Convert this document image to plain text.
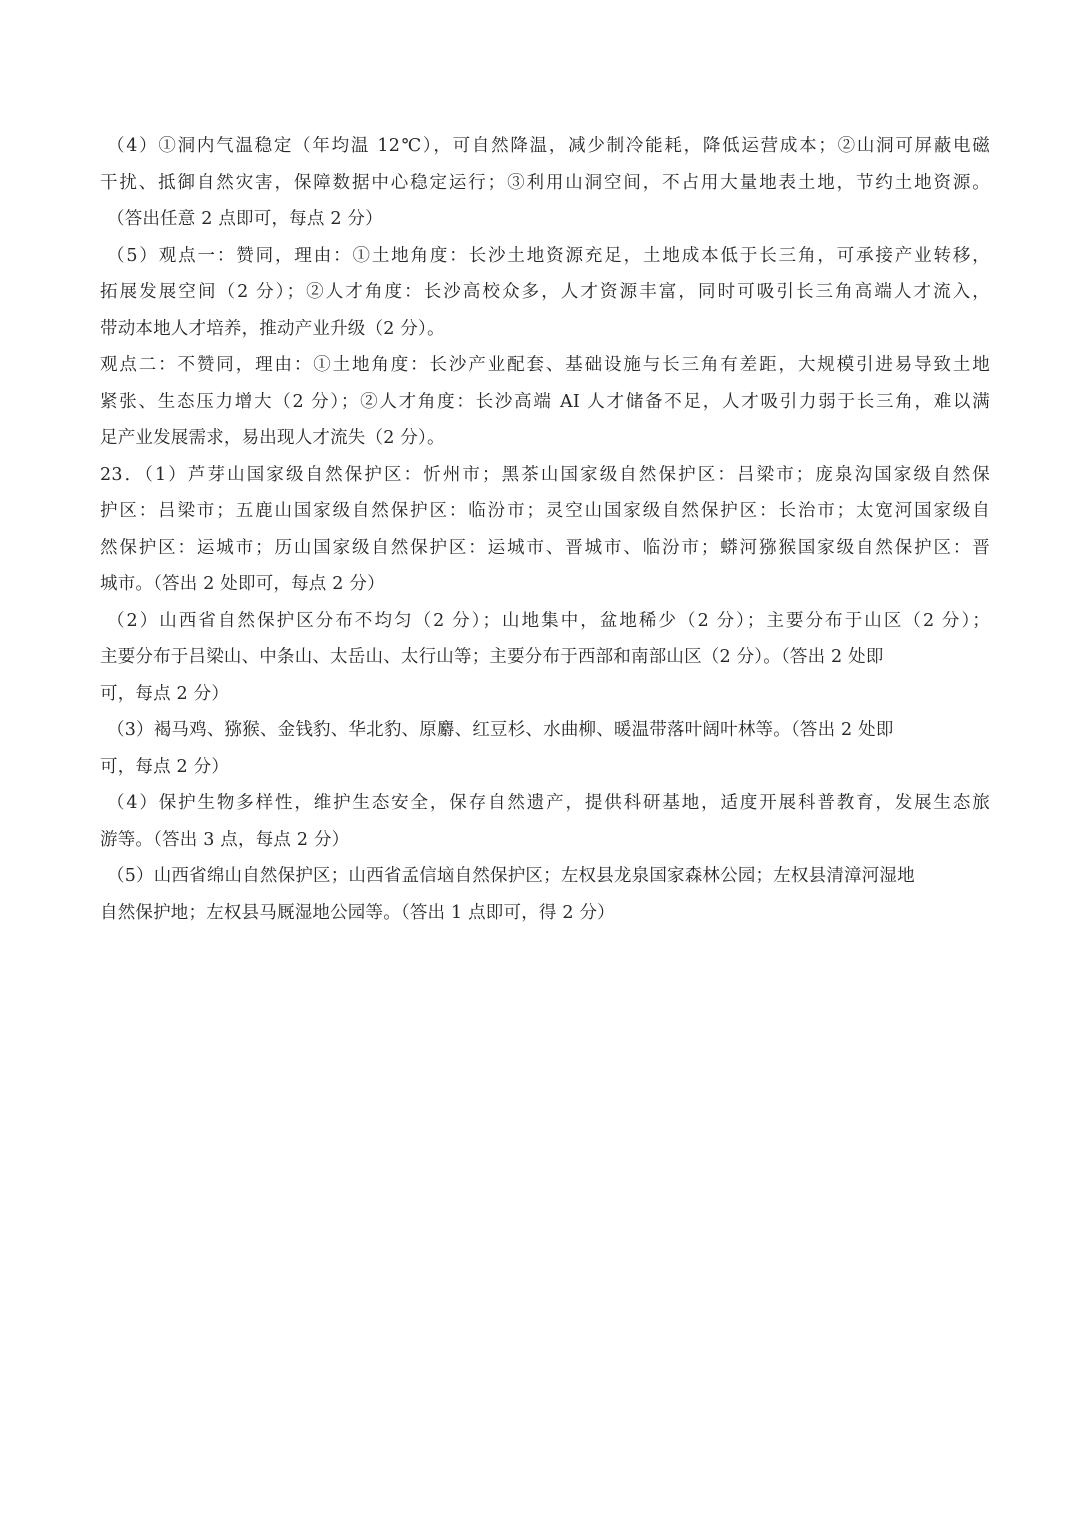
（4）①洞内气温稳定（年均温 12℃），可自然降温，减少制冷能耗，降低运营成本；②山洞可屏蔽电磁
干扰、抵御自然灾害，保障数据中心稳定运行；③利用山洞空间，不占用大量地表土地，节约土地资源。
（答出任意 2 点即可，每点 2 分）
（5）观点一：赞同，理由：①土地角度：长沙土地资源充足，土地成本低于长三角，可承接产业转移，
拓展发展空间（2 分）；②人才角度：长沙高校众多，人才资源丰富，同时可吸引长三角高端人才流入，
带动本地人才培养，推动产业升级（2 分）。
观点二：不赞同，理由：①土地角度：长沙产业配套、基础设施与长三角有差距，大规模引进易导致土地
紧张、生态压力增大（2 分）；②人才角度：长沙高端 AI 人才储备不足，人才吸引力弱于长三角，难以满
足产业发展需求，易出现人才流失（2 分）。
23．（1）芦芽山国家级自然保护区：忻州市；黑茶山国家级自然保护区：吕梁市；庞泉沟国家级自然保
护区：吕梁市；五鹿山国家级自然保护区：临汾市；灵空山国家级自然保护区：长治市；太宽河国家级自
然保护区：运城市；历山国家级自然保护区：运城市、晋城市、临汾市；蟒河猕猴国家级自然保护区：晋
城市。（答出 2 处即可，每点 2 分）
（2）山西省自然保护区分布不均匀（2 分）；山地集中，盆地稀少（2 分）；主要分布于山区（2 分）；
主要分布于吕梁山、中条山、太岳山、太行山等；主要分布于西部和南部山区（2 分）。（答出 2 处即
可，每点 2 分）
（3）褐马鸡、猕猴、金钱豹、华北豹、原麝、红豆杉、水曲柳、暖温带落叶阔叶林等。（答出 2 处即
可，每点 2 分）
（4）保护生物多样性，维护生态安全，保存自然遗产，提供科研基地，适度开展科普教育，发展生态旅
游等。（答出 3 点，每点 2 分）
（5）山西省绵山自然保护区；山西省孟信垴自然保护区；左权县龙泉国家森林公园；左权县清漳河湿地
自然保护地；左权县马厩湿地公园等。（答出 1 点即可，得 2 分）
